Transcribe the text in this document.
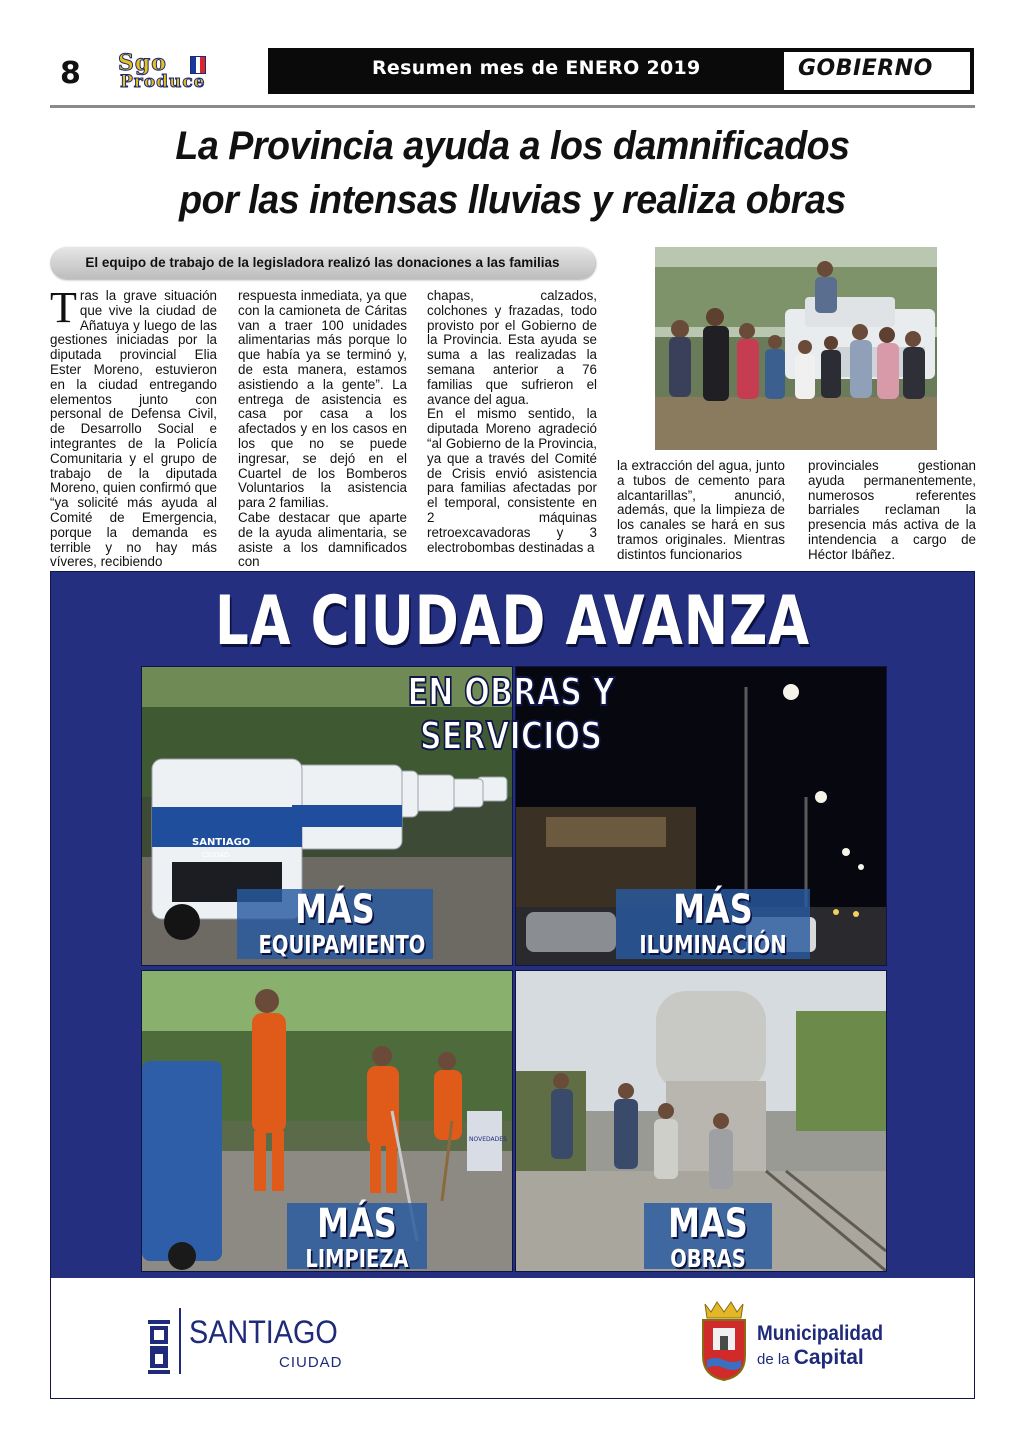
8 Sgo
Produce
Resumen mes de ENERO 2019	GOBIERNO
La Provincia ayuda a los damnificados
por las intensas lluvias y realiza obras
El equipo de trabajo de la legisladora realizó las donaciones a las familias

Tras la grave situación que vive la ciudad de Añatuya y luego de las gestiones iniciadas por la diputada provincial Elia Ester Moreno, estuvieron en la ciudad entregando elementos junto con personal de Defensa Civil, de Desarrollo Social e integrantes de la Policía Comunitaria y el grupo de trabajo de la diputada Moreno, quien confirmó que “ya solicité más ayuda al Comité de Emergencia, porque la demanda es terrible y no hay más víveres, recibiendo

respuesta inmediata, ya que con la camioneta de Cáritas van a traer 100 unidades alimentarias más porque lo que había ya se terminó y, de esta manera, estamos asistiendo a la gente”. La entrega de asistencia es casa por casa a los afectados y en los casos en los que no se puede ingresar, se dejó en el Cuartel de los Bomberos Voluntarios la asistencia para 2 familias.

Cabe destacar que aparte de la ayuda alimentaria, se asiste a los damnificados con

chapas, calzados, colchones y frazadas, todo provisto por el Gobierno de la Provincia. Esta ayuda se suma a las realizadas la semana anterior a 76 familias que sufrieron el avance del agua.

En el mismo sentido, la diputada Moreno agradeció “al Gobierno de la Provincia, ya que a través del Comité de Crisis envió asistencia para familias afectadas por el temporal, consistente en 2 máquinas retroexcavadoras y 3 electrobombas destinadas a

la extracción del agua, junto a tubos de cemento para alcantarillas”, anunció, además, que la limpieza de los canales se hará en sus tramos originales. Mientras distintos funcionarios

provinciales gestionan ayuda permanentemente, numerosos referentes barriales reclaman la presencia más activa de la intendencia a cargo de Héctor Ibáñez.

LA CIUDAD AVANZA
EN OBRAS Y SERVICIOS
SANTIAGO
CIUDAD
MÁS
EQUIPAMIENTO
MÁS
ILUMINACIÓN
NOVEDADES
MÁS
LIMPIEZA
MAS
OBRAS
SANTIAGO
CIUDAD
Municipalidad
de la Capital
